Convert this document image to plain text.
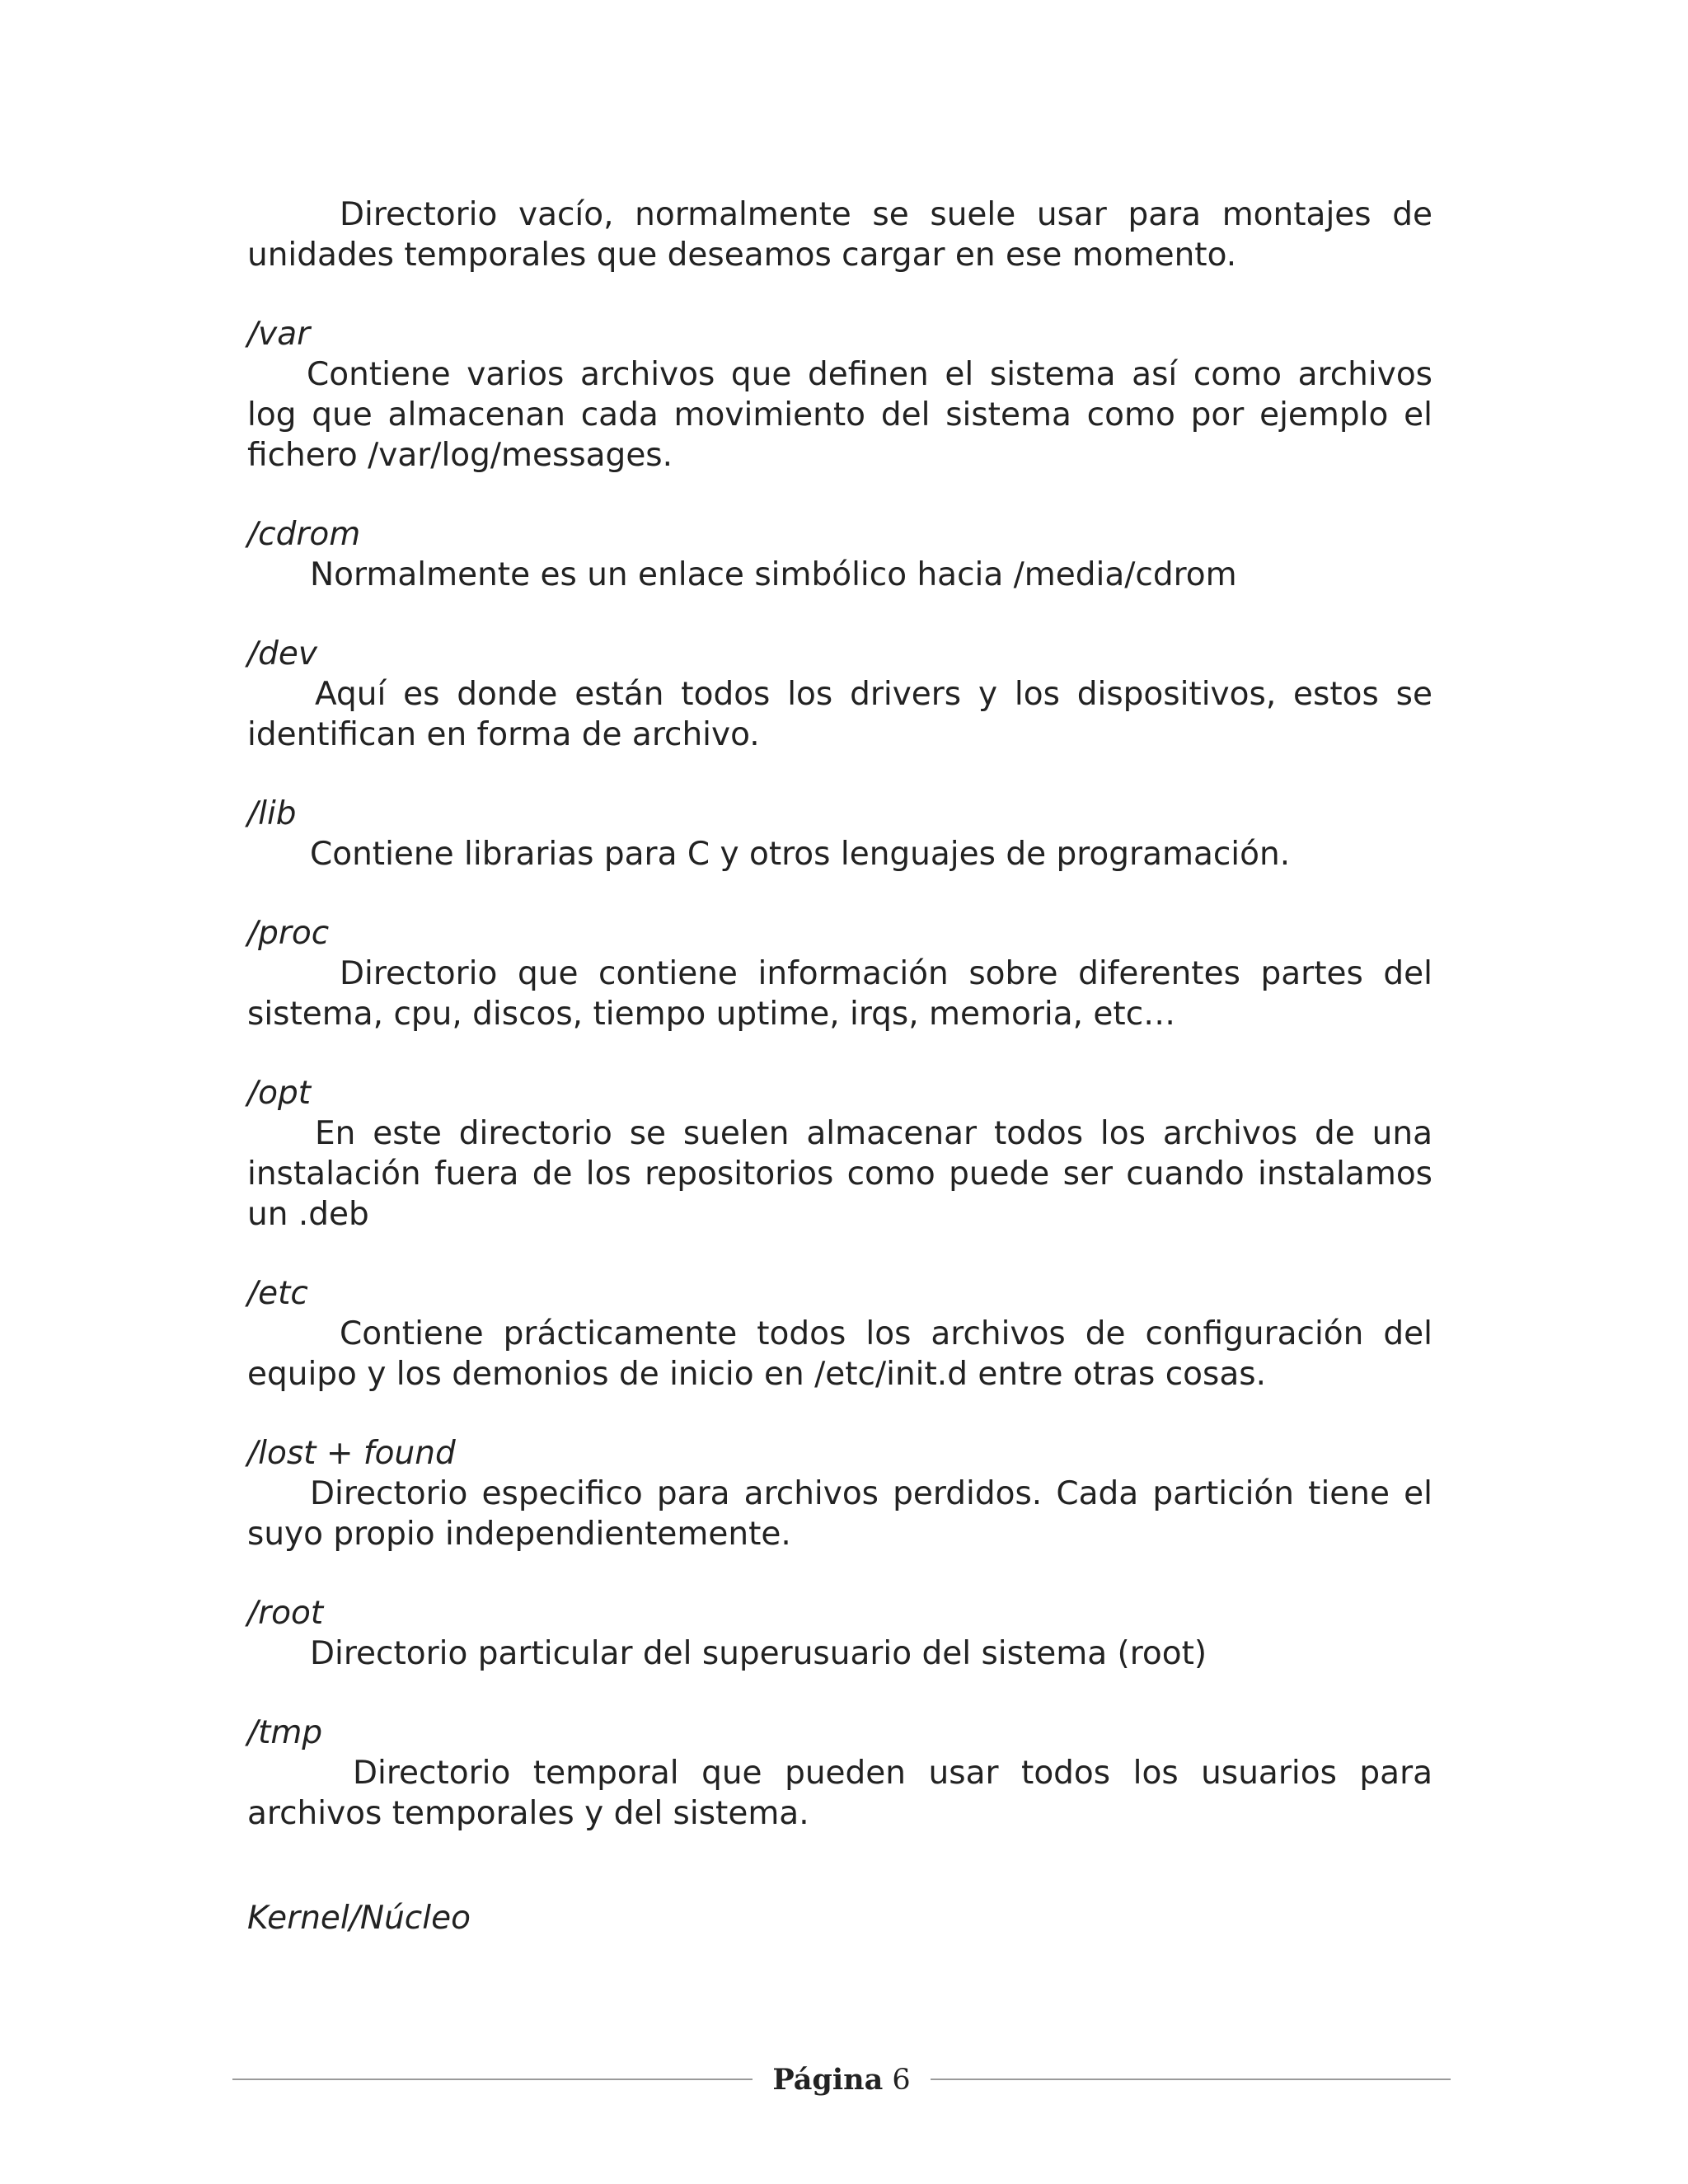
Directorio vacío, normalmente se suele usar para montajes de unidades temporales que deseamos cargar en ese momento.

/var

Contiene varios archivos que definen el sistema así como archivos log que almacenan cada movimiento del sistema como por ejemplo el fichero /var/log/messages.

/cdrom

Normalmente es un enlace simbólico hacia /media/cdrom

/dev

Aquí es donde están todos los drivers y los dispositivos, estos se identifican en forma de archivo.

/lib

Contiene librarias para C y otros lenguajes de programación.

/proc

Directorio que contiene información sobre diferentes partes del sistema, cpu, discos, tiempo uptime, irqs, memoria, etc…

/opt

En este directorio se suelen almacenar todos los archivos de una instalación fuera de los repositorios como puede ser cuando instalamos un .deb

/etc

Contiene prácticamente todos los archivos de configuración del equipo y los demonios de inicio en /etc/init.d entre otras cosas.

/lost + found

Directorio especifico para archivos perdidos. Cada partición tiene el suyo propio independientemente.

/root

Directorio particular del superusuario del sistema (root)

/tmp

Directorio temporal que pueden usar todos los usuarios para archivos temporales y del sistema.

Kernel/Núcleo

Página 6
